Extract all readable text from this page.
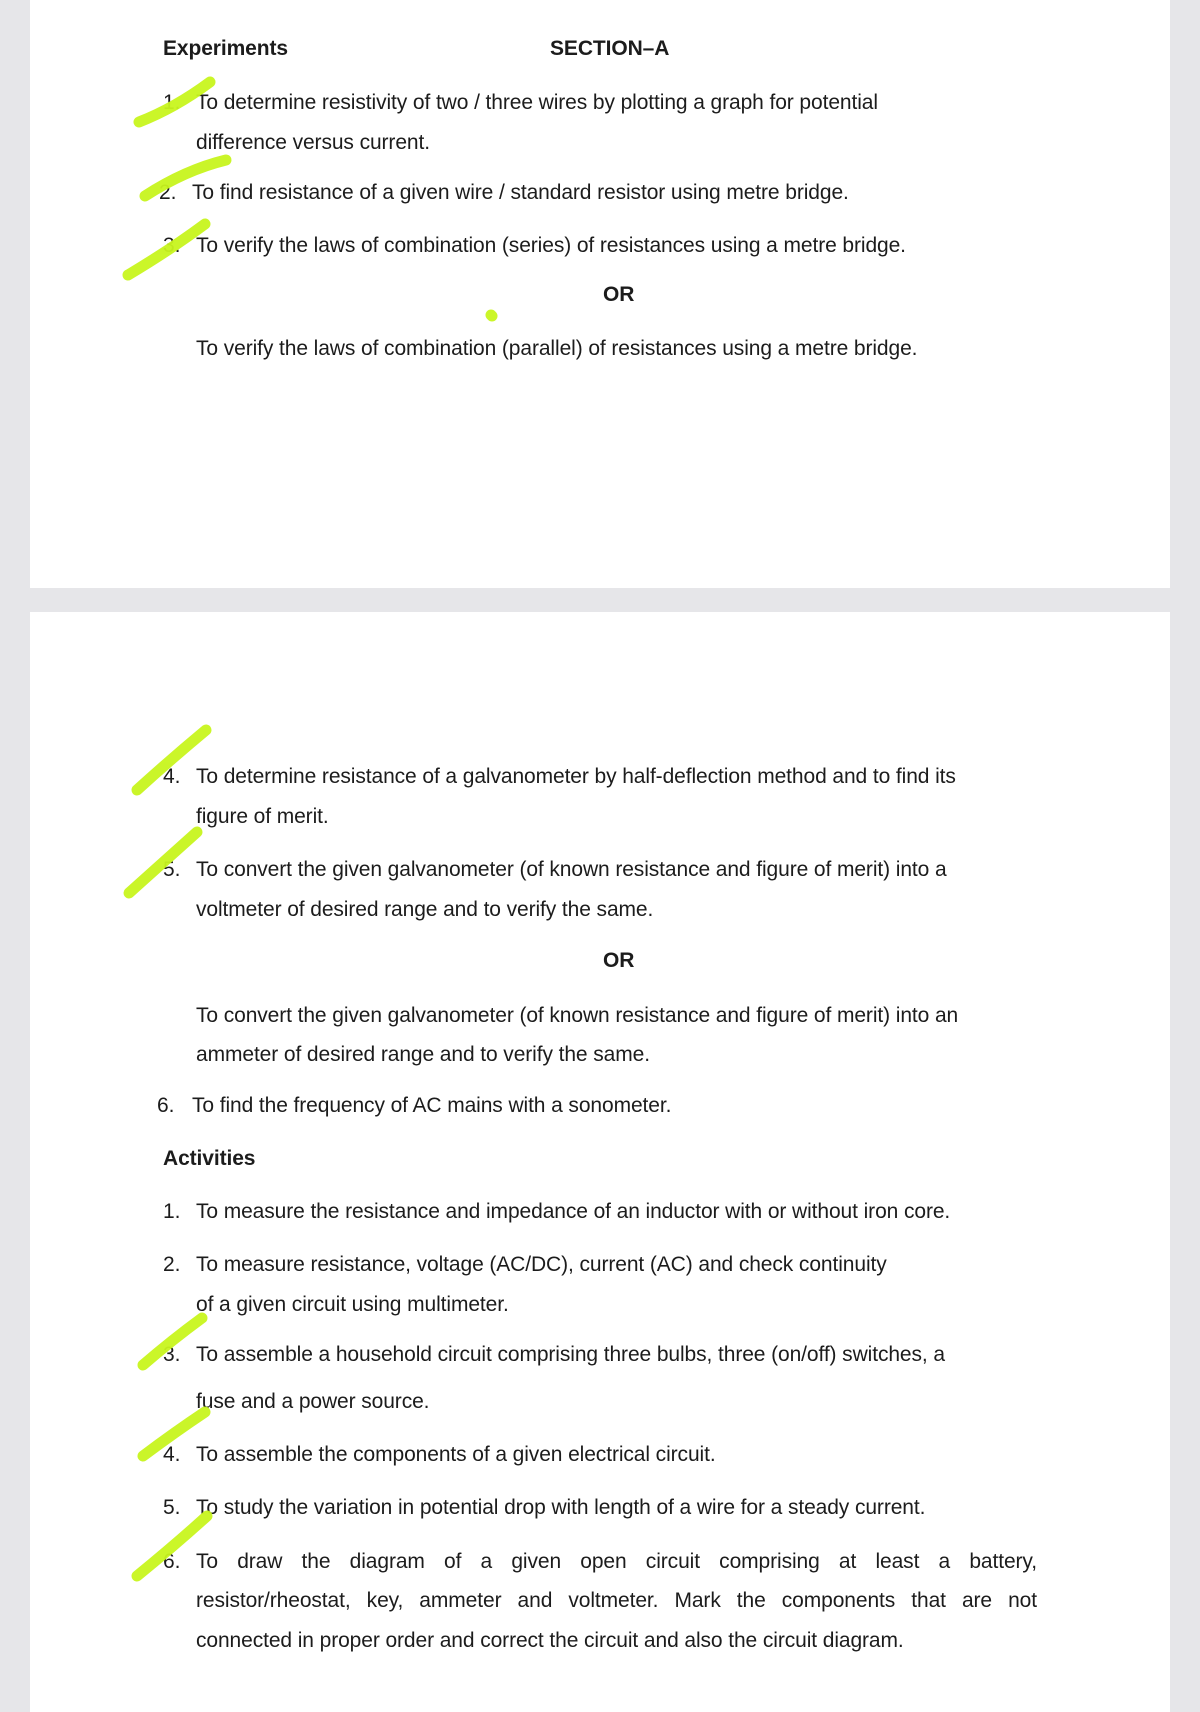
Experiments	SECTION–A
1. To determine resistivity of two / three wires by plotting a graph for potential
difference versus current.
2. To find resistance of a given wire / standard resistor using metre bridge.
3. To verify the laws of combination (series) of resistances using a metre bridge.
OR
To verify the laws of combination (parallel) of resistances using a metre bridge.
4. To determine resistance of a galvanometer by half-deflection method and to find its
figure of merit.
5. To convert the given galvanometer (of known resistance and figure of merit) into a
voltmeter of desired range and to verify the same.
OR
To convert the given galvanometer (of known resistance and figure of merit) into an
ammeter of desired range and to verify the same.
6. To find the frequency of AC mains with a sonometer.
Activities
1. To measure the resistance and impedance of an inductor with or without iron core.
2. To measure resistance, voltage (AC/DC), current (AC) and check continuity
of a given circuit using multimeter.
3. To assemble a household circuit comprising three bulbs, three (on/off) switches, a
fuse and a power source.
4. To assemble the components of a given electrical circuit.
5. To study the variation in potential drop with length of a wire for a steady current.
6. To draw the diagram of a given open circuit comprising at least a battery,
resistor/rheostat, key, ammeter and voltmeter. Mark the components that are not
connected in proper order and correct the circuit and also the circuit diagram.
